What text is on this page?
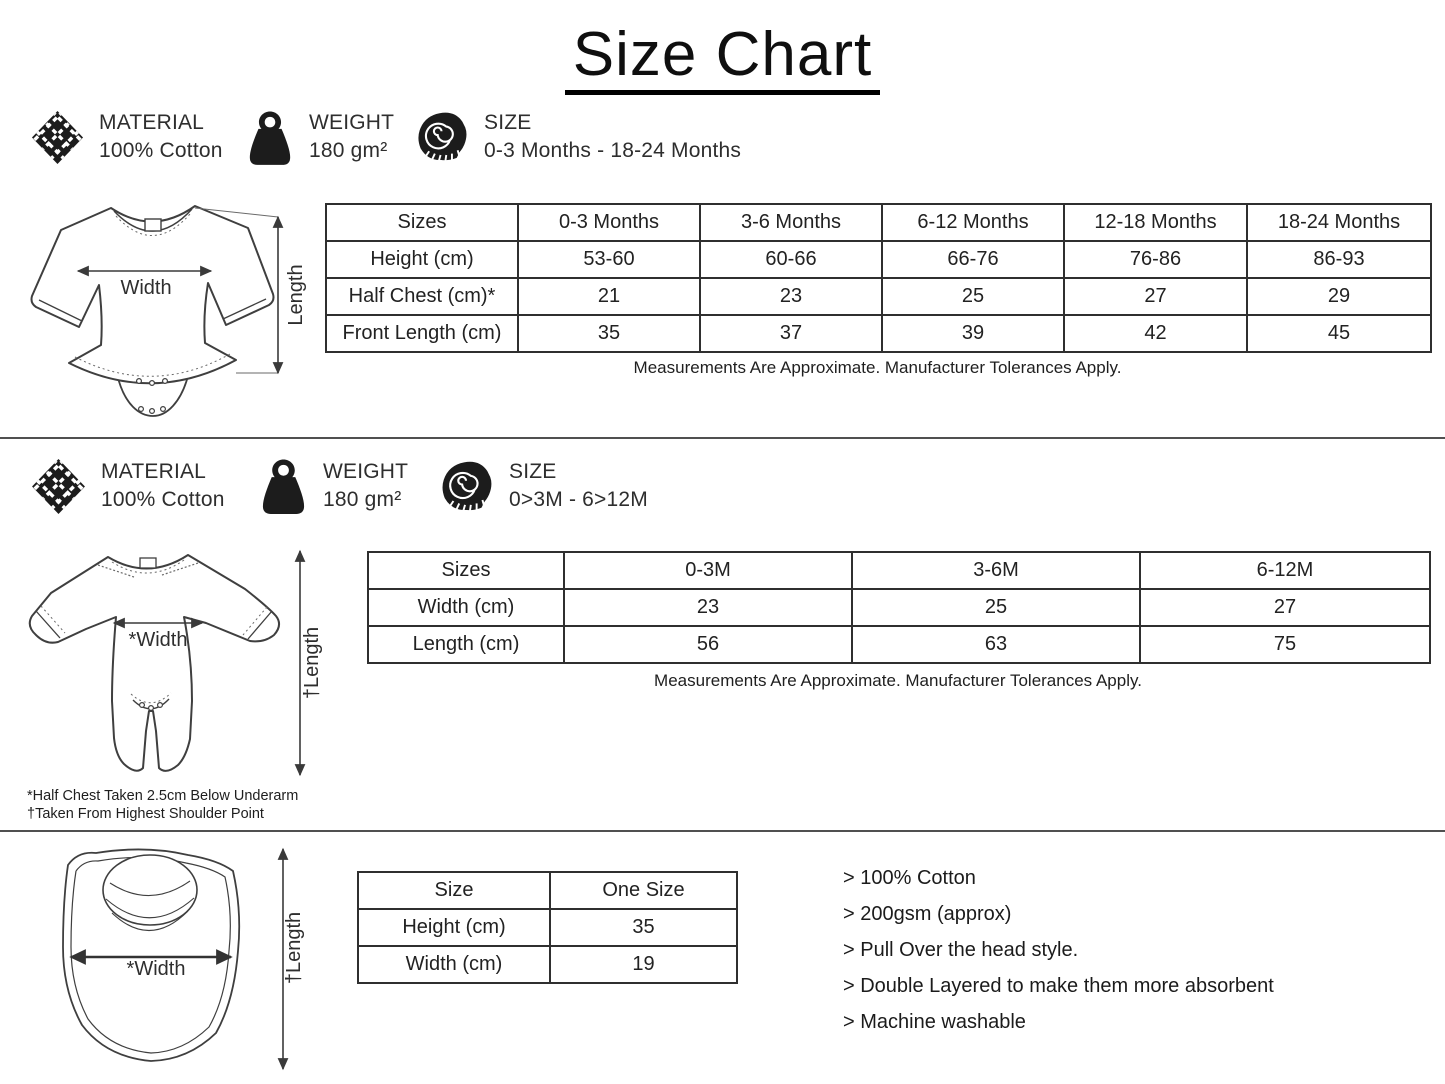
Size Chart
MATERIAL
100% Cotton
WEIGHT
180 gm²
SIZE
0-3 Months - 18-24 Months
Width	Length
Sizes	0-3 Months	3-6 Months	6-12 Months	12-18 Months	18-24 Months
Height (cm)	53-60	60-66	66-76	76-86	86-93
Half Chest (cm)*	21	23	25	27	29
Front Length (cm)	35	37	39	42	45
Measurements Are Approximate. Manufacturer Tolerances Apply.
MATERIAL
100% Cotton
WEIGHT
180 gm²
SIZE
0>3M - 6>12M
*Width	†Length
Sizes	0-3M	3-6M	6-12M
Width (cm)	23	25	27
Length (cm)	56	63	75
Measurements Are Approximate. Manufacturer Tolerances Apply.
*Half Chest Taken 2.5cm Below Underarm
†Taken From Highest Shoulder Point
*Width	†Length
Size	One Size
Height (cm)	35
Width (cm)	19
> 100% Cotton
> 200gsm (approx)
> Pull Over the head style.
> Double Layered to make them more absorbent
> Machine washable
